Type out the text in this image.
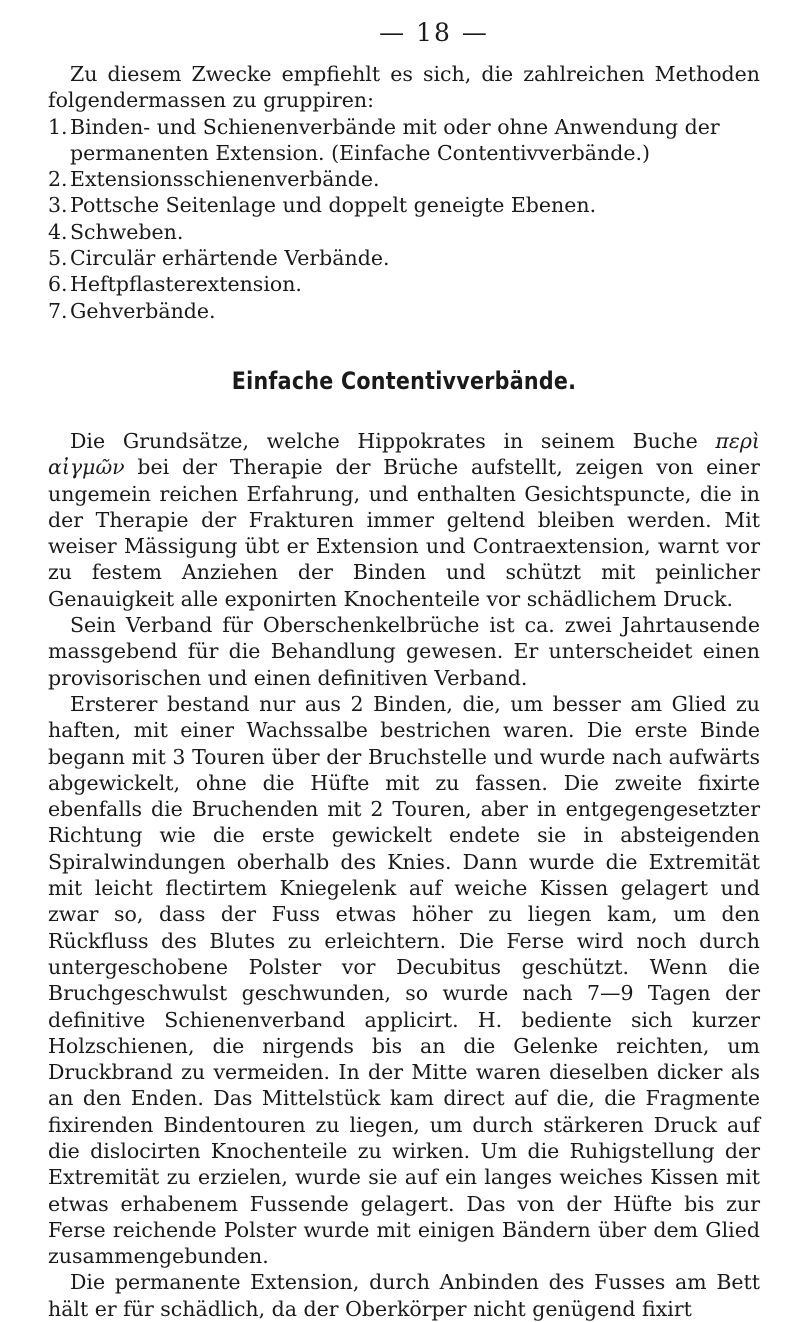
— 18 —

Zu diesem Zwecke empfiehlt es sich, die zahlreichen Methoden folgendermassen zu gruppiren:

1. Binden- und Schienenverbände mit oder ohne Anwendung der permanenten Extension. (Einfache Contentivverbände.)
2. Extensionsschienenverbände.
3. Pottsche Seitenlage und doppelt geneigte Ebenen.
4. Schweben.
5. Circulär erhärtende Verbände.
6. Heftpflasterextension.
7. Gehverbände.
Einfache Contentivverbände.

Die Grundsätze, welche Hippokrates in seinem Buche περὶ αἰγμῶν bei der Therapie der Brüche aufstellt, zeigen von einer ungemein reichen Erfahrung, und enthalten Gesichtspuncte, die in der Therapie der Frakturen immer geltend bleiben werden. Mit weiser Mässigung übt er Extension und Contraextension, warnt vor zu festem Anziehen der Binden und schützt mit peinlicher Genauigkeit alle exponirten Knochenteile vor schädlichem Druck.

Sein Verband für Oberschenkelbrüche ist ca. zwei Jahrtausende massgebend für die Behandlung gewesen. Er unterscheidet einen provisorischen und einen definitiven Verband.

Ersterer bestand nur aus 2 Binden, die, um besser am Glied zu haften, mit einer Wachssalbe bestrichen waren. Die erste Binde begann mit 3 Touren über der Bruchstelle und wurde nach aufwärts abgewickelt, ohne die Hüfte mit zu fassen. Die zweite fixirte ebenfalls die Bruchenden mit 2 Touren, aber in entgegengesetzter Richtung wie die erste gewickelt endete sie in absteigenden Spiralwindungen oberhalb des Knies. Dann wurde die Extremität mit leicht flectirtem Kniegelenk auf weiche Kissen gelagert und zwar so, dass der Fuss etwas höher zu liegen kam, um den Rückfluss des Blutes zu erleichtern. Die Ferse wird noch durch untergeschobene Polster vor Decubitus geschützt. Wenn die Bruchgeschwulst geschwunden, so wurde nach 7—9 Tagen der definitive Schienenverband applicirt. H. bediente sich kurzer Holzschienen, die nirgends bis an die Gelenke reichten, um Druckbrand zu vermeiden. In der Mitte waren dieselben dicker als an den Enden. Das Mittelstück kam direct auf die, die Fragmente fixirenden Bindentouren zu liegen, um durch stärkeren Druck auf die dislocirten Knochenteile zu wirken. Um die Ruhigstellung der Extremität zu erzielen, wurde sie auf ein langes weiches Kissen mit etwas erhabenem Fussende gelagert. Das von der Hüfte bis zur Ferse reichende Polster wurde mit einigen Bändern über dem Glied zusammengebunden.

Die permanente Extension, durch Anbinden des Fusses am Bett hält er für schädlich, da der Oberkörper nicht genügend fixirt
